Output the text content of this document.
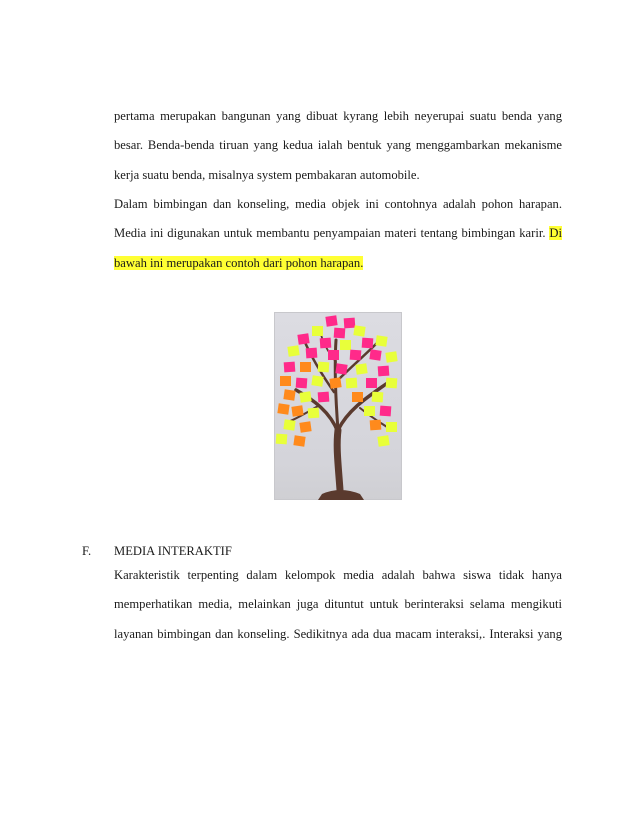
pertama merupakan bangunan yang dibuat kyrang lebih neyerupai suatu benda yang
besar. Benda-benda tiruan yang kedua ialah bentuk yang menggambarkan mekanisme
kerja suatu benda, misalnya system pembakaran automobile.
Dalam bimbingan dan konseling, media objek ini contohnya adalah pohon harapan.
Media ini digunakan untuk membantu penyampaian materi tentang bimbingan karir. Di
bawah ini merupakan contoh dari pohon harapan.
F. MEDIA INTERAKTIF
Karakteristik terpenting dalam kelompok media adalah bahwa siswa tidak hanya
memperhatikan media, melainkan juga dituntut untuk berinteraksi selama mengikuti
layanan bimbingan dan konseling. Sedikitnya ada dua macam interaksi,. Interaksi yang
